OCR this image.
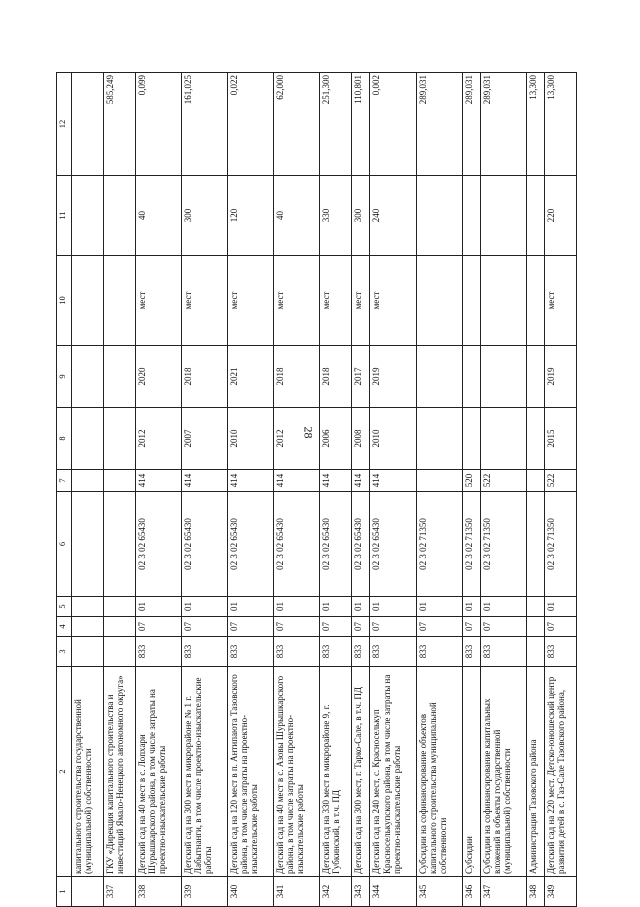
28
1	2	3	4	5	6	7	8	9	10	11	12
	капитального строительства государственной (муниципальной) собственности										
337	ГКУ «Дирекция капитального строительства и инвестиций Ямало-Ненецкого автономного округа»										585,249
338	Детский сад на 40 мест в с. Лопхари Шурышкарского района, в том числе затраты на проектно-изыскательские работы	833	07	01	02 3 02 65430	414	2012	2020	мест	40	0,099
339	Детский сад на 300 мест в микрорайоне № 1 г. Лабытнанги, в том числе проектно-изыскательские работы	833	07	01	02 3 02 65430	414	2007	2018	мест	300	161,025
340	Детский сад на 120 мест в п. Антипаюта Тазовского района, в том числе затраты на проектно-изыскательские работы	833	07	01	02 3 02 65430	414	2010	2021	мест	120	0,022
341	Детский сад на 40 мест в с. Азовы Шурышкарского района, в том числе затраты на проектно-изыскательские работы	833	07	01	02 3 02 65430	414	2012	2018	мест	40	62,000
342	Детский сад на 330 мест в микрорайоне 9, г. Губкинский, в т.ч. ПД	833	07	01	02 3 02 65430	414	2006	2018	мест	330	251,300
343	Детский сад на 300 мест, г. Тарко-Сале, в т.ч. ПД	833	07	01	02 3 02 65430	414	2008	2017	мест	300	110,801
344	Детский сад на 240 мест, с. Красноселькуп Красноселькупского района, в том числе затраты на проектно-изыскательские работы	833	07	01	02 3 02 65430	414	2010	2019	мест	240	0,002
345	Субсидии на софинансирование объектов капитального строительства муниципальной собственности	833	07	01	02 3 02 71350						289,031
346	Субсидии	833	07	01	02 3 02 71350	520					289,031
347	Субсидии на софинансирование капитальных вложений в объекты государственной (муниципальной) собственности	833	07	01	02 3 02 71350	522					289,031
348	Администрация Тазовского района										13,300
349	Детский сад на 220 мест. Детско-юношеский центр развития детей в с. Газ-Сале Тазовского района,	833	07	01	02 3 02 71350	522	2015	2019	мест	220	13,300
